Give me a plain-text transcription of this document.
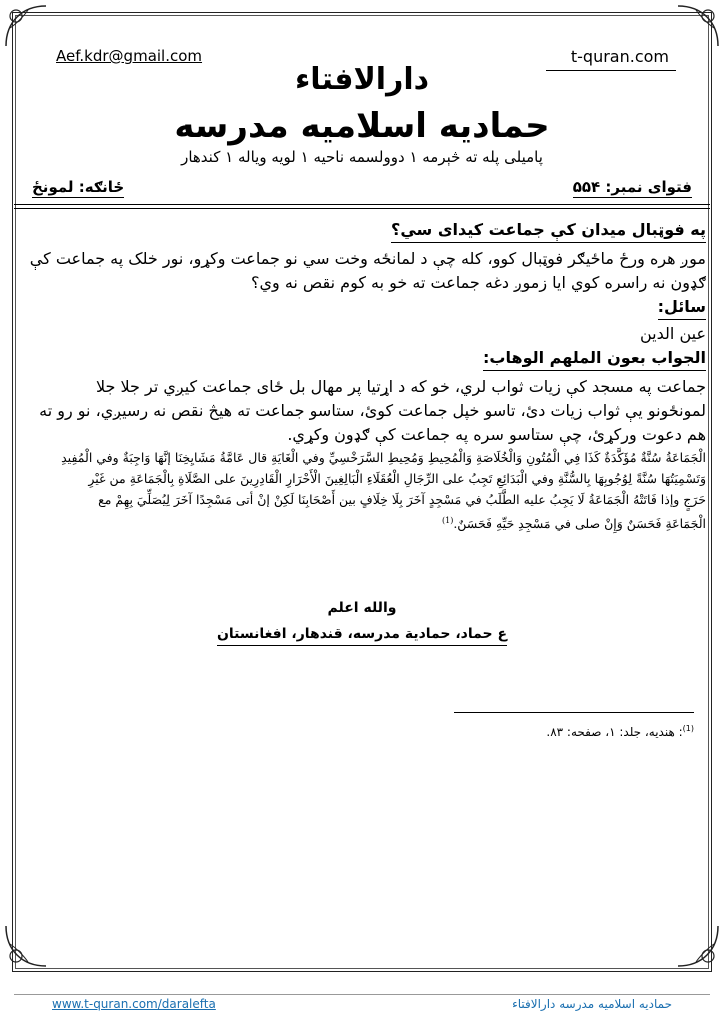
Aef.kdr@gmail.com	t-quran.com
دارالافتاء
حمادیه اسلامیه مدرسه
پامیلی پله ته څېرمه ۱ دوولسمه ناحیه ۱ لویه ویاله ۱ کندهار
فتوای نمبر: ۵۵۴
ځانګه: لمونځ

په فوټبال میدان کې جماعت کیدای سي؟

موږ هره ورځ ماځیګر فوټبال کوو، کله چې د لمانځه وخت سي نو جماعت وکړو، نور خلک په جماعت کې

ګډون نه راسره کوي ایا زموږ دغه جماعت ته خو به کوم نقص نه وي؟

سائل:

عين الدين

الجواب بعون الملهم الوهاب:

جماعت په مسجد کې زیات ثواب لري، خو که د اړتیا پر مهال بل ځای جماعت کیږي تر جلا جلا

لمونځونو یې ثواب زیات دئ، تاسو خپل جماعت کوئ، ستاسو جماعت ته هیڅ نقص نه رسیږي، نو رو ته

هم دعوت ورکړئ، چې ستاسو سره په جماعت کې ګډون وکړي.

الْجَمَاعَةُ سُنَّةٌ مُؤَكَّدَةٌ كَذَا فِي الْمُتُونِ وَالْخُلَاصَةِ وَالْمُحِيطِ وَمُحِيطِ السَّرَخْسِيِّ وفي الْغَايَةِ قال عَامَّةُ مَشَايِخِنَا إنَّهَا وَاجِبَةٌ وفي الْمُفِيدِ
وَتَسْمِيَتُهَا سُنَّةً لِوُجُوبِهَا بِالسُّنَّةِ وفي الْبَدَائِعِ تَجِبُ على الرِّجَالِ الْعُقَلَاءِ الْبَالِغِينَ الْأَحْرَارِ الْقَادِرِينَ على الصَّلَاةِ بِالْجَمَاعَةِ من غَيْرِ
حَرَجٍ وإذا فَاتَتْهُ الْجَمَاعَةُ لَا يَجِبُ عليه الطَّلَبُ في مَسْجِدٍ آخَرَ بِلَا خِلَافٍ بين أَصْحَابِنَا لَكِنْ إنْ أتى مَسْجِدًا آخَرَ لِيُصَلِّيَ بِهِمْ مع
الْجَمَاعَةِ فَحَسَنٌ وَإِنْ صلى في مَسْجِدِ حَيِّهِ فَحَسَنٌ.$^{(1)}$
والله اعلم
ع حماد، حمادية مدرسه، قندهار، افغانستان
$^{(1)}$: هنديه، جلد: ۱، صفحه: ۸۳.
www.t-quran.com/daralefta	حمادیه اسلامیه مدرسه دارالافتاء
